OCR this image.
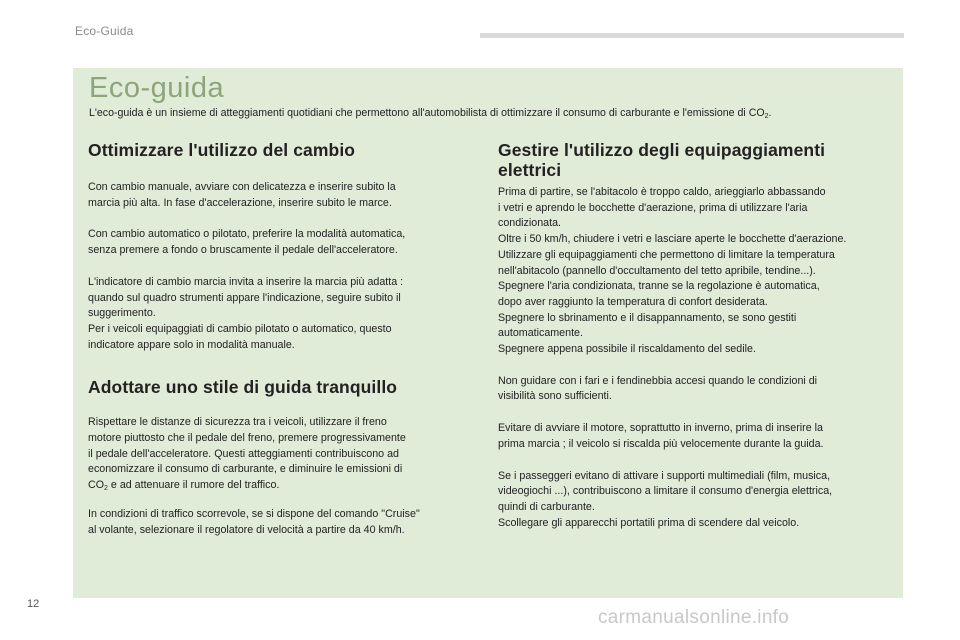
Eco-Guida
Eco-guida
L'eco-guida è un insieme di atteggiamenti quotidiani che permettono all'automobilista di ottimizzare il consumo di carburante e l'emissione di $CO_2$.
Ottimizzare l'utilizzo del cambio

Con cambio manuale, avviare con delicatezza e inserire subito la
marcia più alta. In fase d'accelerazione, inserire subito le marce.

Con cambio automatico o pilotato, preferire la modalità automatica,
senza premere a fondo o bruscamente il pedale dell'acceleratore.

L'indicatore di cambio marcia invita a inserire la marcia più adatta :
quando sul quadro strumenti appare l'indicazione, seguire subito il
suggerimento.
Per i veicoli equipaggiati di cambio pilotato o automatico, questo
indicatore appare solo in modalità manuale.

Adottare uno stile di guida tranquillo

Rispettare le distanze di sicurezza tra i veicoli, utilizzare il freno
motore piuttosto che il pedale del freno, premere progressivamente
il pedale dell'acceleratore. Questi atteggiamenti contribuiscono ad
economizzare il consumo di carburante, e diminuire le emissioni di
$CO_2$ e ad attenuare il rumore del traffico.

In condizioni di traffico scorrevole, se si dispone del comando "Cruise"
al volante, selezionare il regolatore di velocità a partire da 40 km/h.

Gestire l'utilizzo degli equipaggiamenti
elettrici

Prima di partire, se l'abitacolo è troppo caldo, arieggiarlo abbassando
i vetri e aprendo le bocchette d'aerazione, prima di utilizzare l'aria
condizionata.
Oltre i 50 km/h, chiudere i vetri e lasciare aperte le bocchette d'aerazione.
Utilizzare gli equipaggiamenti che permettono di limitare la temperatura
nell'abitacolo (pannello d'occultamento del tetto apribile, tendine...).
Spegnere l'aria condizionata, tranne se la regolazione è automatica,
dopo aver raggiunto la temperatura di confort desiderata.
Spegnere lo sbrinamento e il disappannamento, se sono gestiti
automaticamente.
Spegnere appena possibile il riscaldamento del sedile.

Non guidare con i fari e i fendinebbia accesi quando le condizioni di
visibilità sono sufficienti.

Evitare di avviare il motore, soprattutto in inverno, prima di inserire la
prima marcia ; il veicolo si riscalda più velocemente durante la guida.

Se i passeggeri evitano di attivare i supporti multimediali (film, musica,
videogiochi ...), contribuiscono a limitare il consumo d'energia elettrica,
quindi di carburante.
Scollegare gli apparecchi portatili prima di scendere dal veicolo.

12
carmanualsonline.info
